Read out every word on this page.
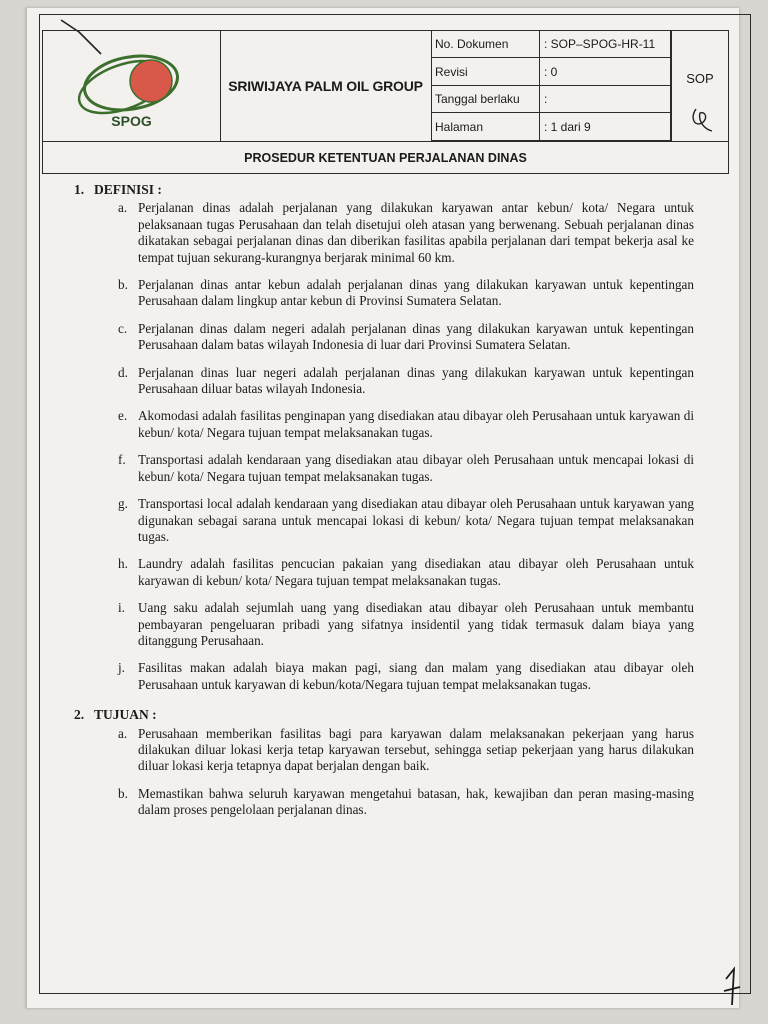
SPOG
SRIWIJAYA PALM OIL GROUP
No. Dokumen	: SOP–SPOG-HR-11
Revisi	: 0
Tanggal berlaku	:
Halaman	: 1 dari 9
SOP
PROSEDUR KETENTUAN PERJALANAN DINAS
1. DEFINISI :
a. Perjalanan dinas adalah perjalanan yang dilakukan karyawan antar kebun/ kota/ Negara untuk pelaksanaan tugas Perusahaan dan telah disetujui oleh atasan yang berwenang. Sebuah perjalanan dinas dikatakan sebagai perjalanan dinas dan diberikan fasilitas apabila perjalanan dari tempat bekerja asal ke tempat tujuan sekurang-kurangnya berjarak minimal 60 km.
b. Perjalanan dinas antar kebun adalah perjalanan dinas yang dilakukan karyawan untuk kepentingan Perusahaan dalam lingkup antar kebun di Provinsi Sumatera Selatan.
c. Perjalanan dinas dalam negeri adalah perjalanan dinas yang dilakukan karyawan untuk kepentingan Perusahaan dalam batas wilayah Indonesia di luar dari Provinsi Sumatera Selatan.
d. Perjalanan dinas luar negeri adalah perjalanan dinas yang dilakukan karyawan untuk kepentingan Perusahaan diluar batas wilayah Indonesia.
e. Akomodasi adalah fasilitas penginapan yang disediakan atau dibayar oleh Perusahaan untuk karyawan di kebun/ kota/ Negara tujuan tempat melaksanakan tugas.
f. Transportasi adalah kendaraan yang disediakan atau dibayar oleh Perusahaan untuk mencapai lokasi di kebun/ kota/ Negara tujuan tempat melaksanakan tugas.
g. Transportasi local adalah kendaraan yang disediakan atau dibayar oleh Perusahaan untuk karyawan yang digunakan sebagai sarana untuk mencapai lokasi di kebun/ kota/ Negara tujuan tempat melaksanakan tugas.
h. Laundry adalah fasilitas pencucian pakaian yang disediakan atau dibayar oleh Perusahaan untuk karyawan di kebun/ kota/ Negara tujuan tempat melaksanakan tugas.
i. Uang saku adalah sejumlah uang yang disediakan atau dibayar oleh Perusahaan untuk membantu pembayaran pengeluaran pribadi yang sifatnya insidentil yang tidak termasuk dalam biaya yang ditanggung Perusahaan.
j. Fasilitas makan adalah biaya makan pagi, siang dan malam yang disediakan atau dibayar oleh Perusahaan untuk karyawan di kebun/kota/Negara tujuan tempat melaksanakan tugas.
2. TUJUAN :
a. Perusahaan memberikan fasilitas bagi para karyawan dalam melaksanakan pekerjaan yang harus dilakukan diluar lokasi kerja tetap karyawan tersebut, sehingga setiap pekerjaan yang harus dilakukan diluar lokasi kerja tetapnya dapat berjalan dengan baik.
b. Memastikan bahwa seluruh karyawan mengetahui batasan, hak, kewajiban dan peran masing-masing dalam proses pengelolaan perjalanan dinas.
